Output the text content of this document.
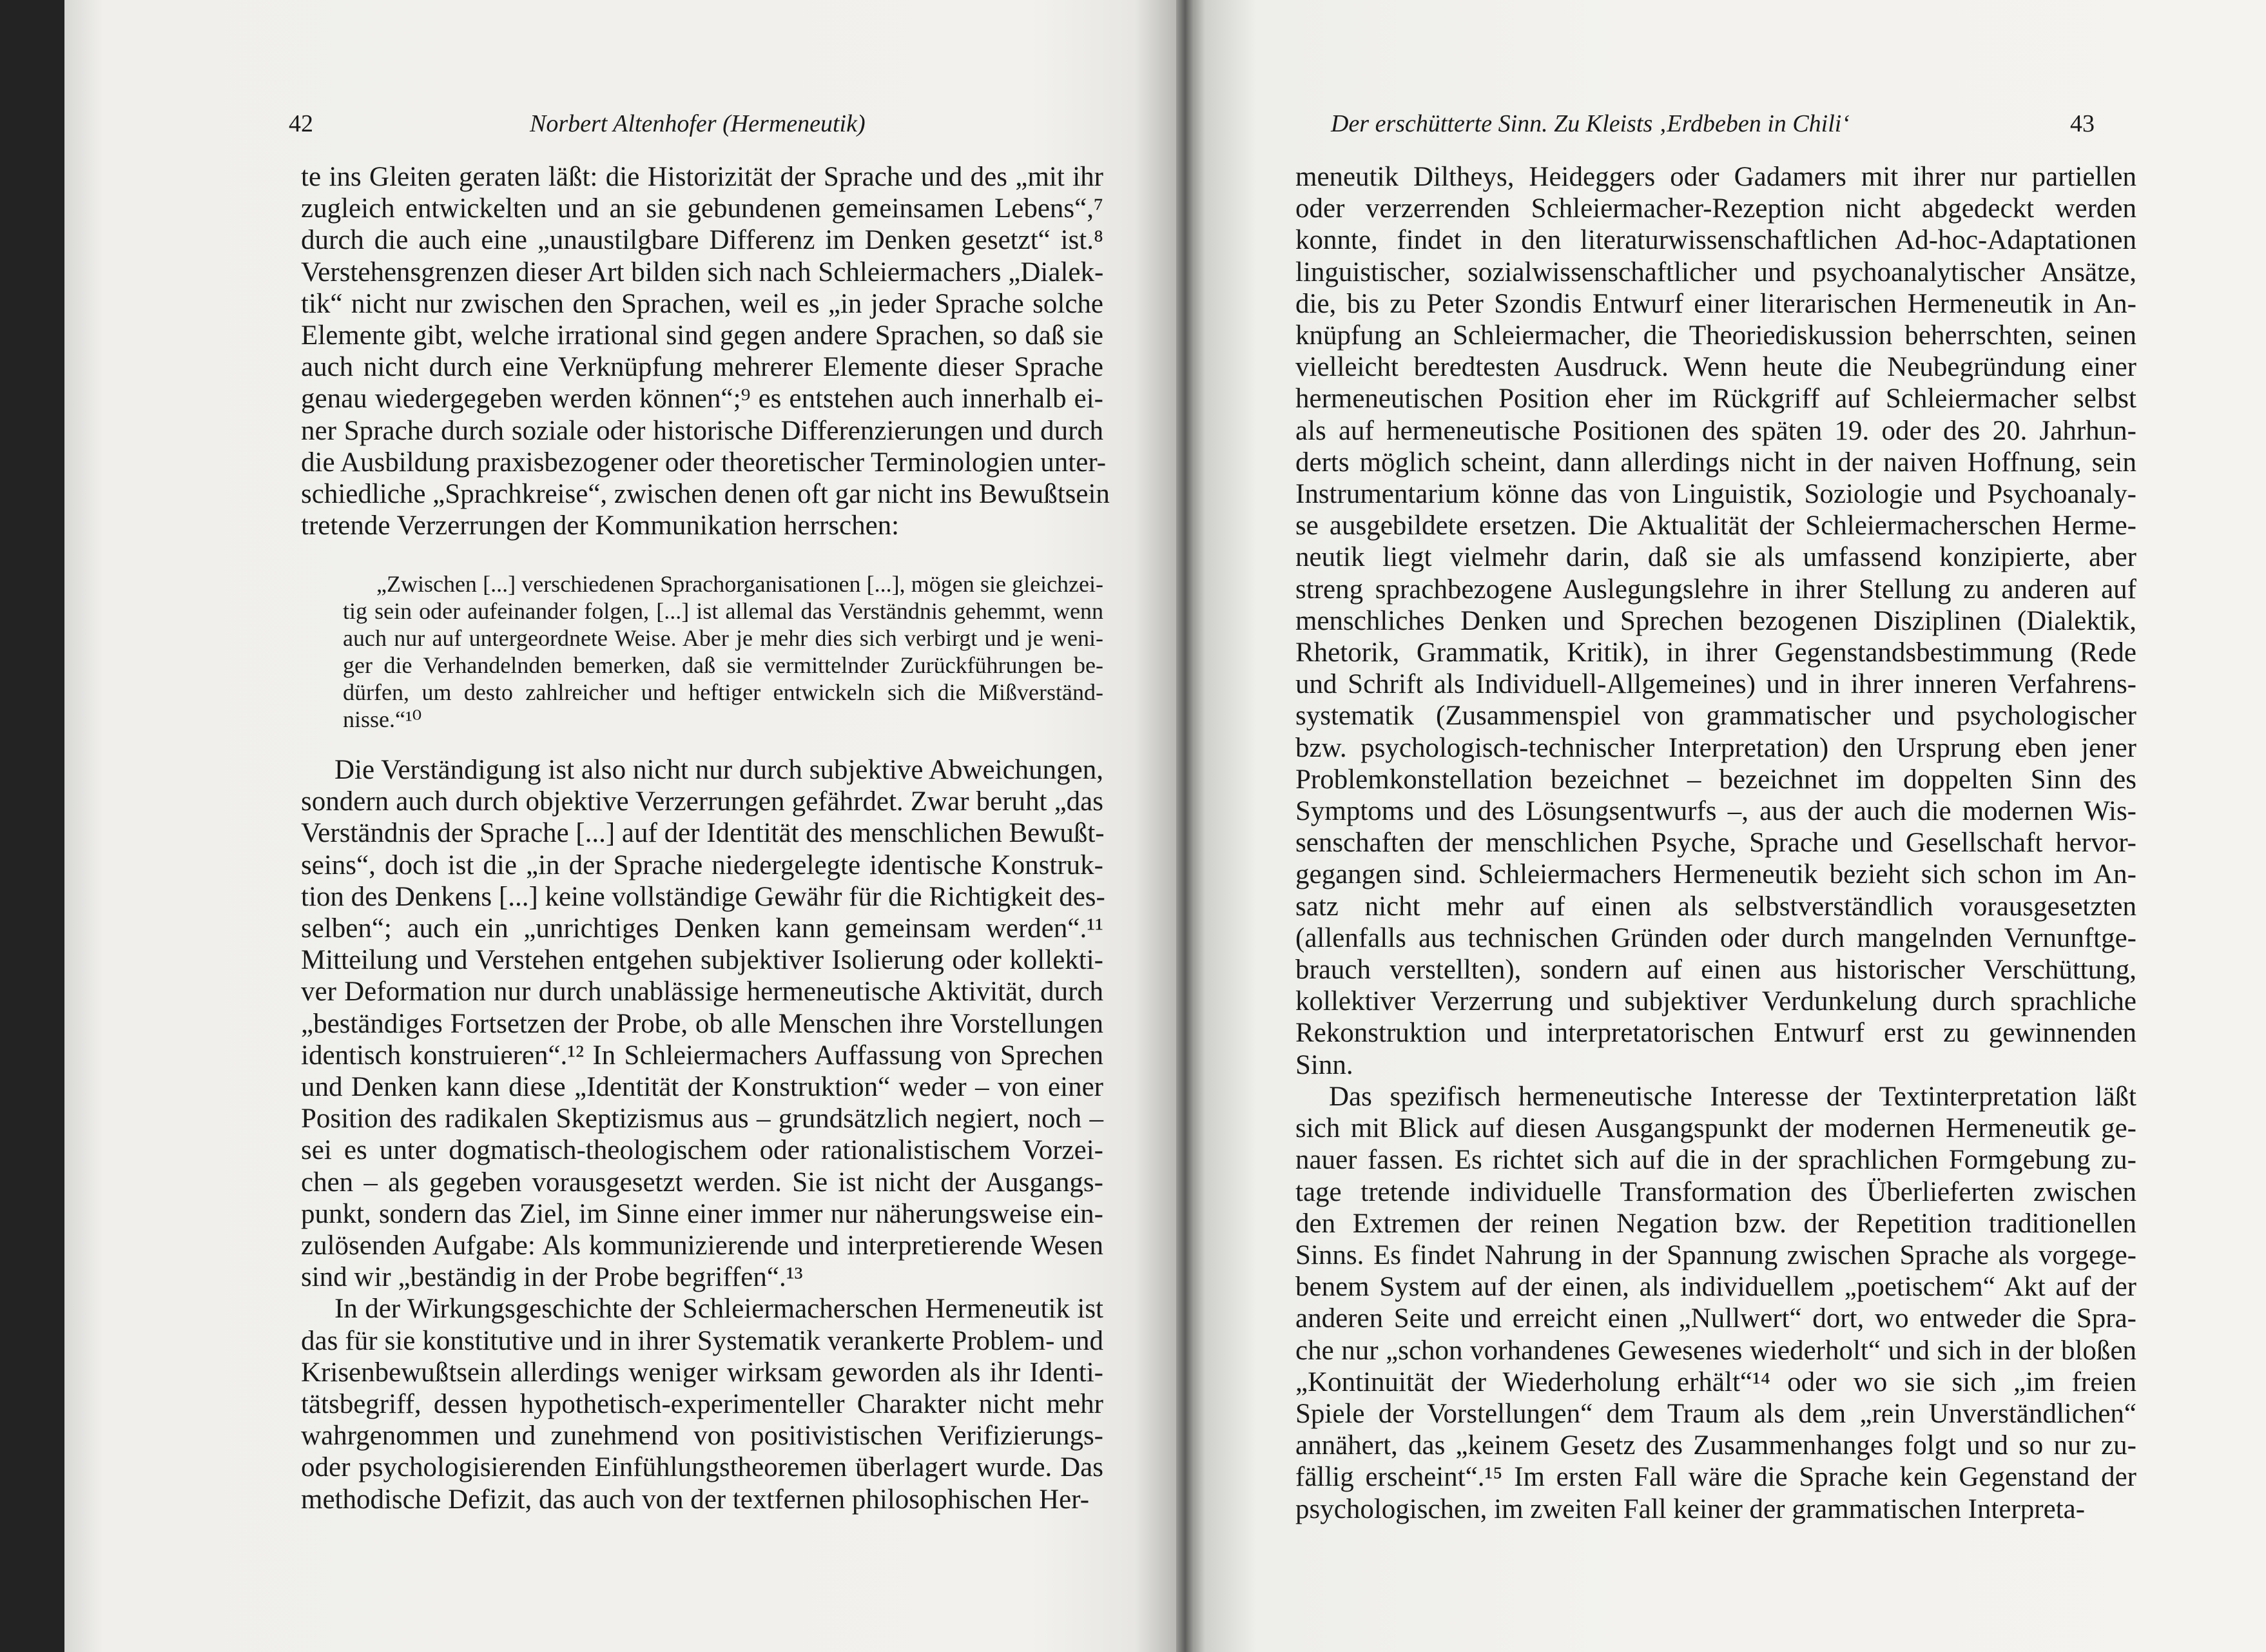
42	Norbert Altenhofer (Hermeneutik)
te ins Gleiten geraten läßt: die Historizität der Sprache und des „mit ihr
zugleich entwickelten und an sie gebundenen gemeinsamen Lebens“,⁷
durch die auch eine „unaustilgbare Differenz im Denken gesetzt“ ist.⁸
Verstehensgrenzen dieser Art bilden sich nach Schleiermachers „Dialek-
tik“ nicht nur zwischen den Sprachen, weil es „in jeder Sprache solche
Elemente gibt, welche irrational sind gegen andere Sprachen, so daß sie
auch nicht durch eine Verknüpfung mehrerer Elemente dieser Sprache
genau wiedergegeben werden können“;⁹ es entstehen auch innerhalb ei-
ner Sprache durch soziale oder historische Differenzierungen und durch
die Ausbildung praxisbezogener oder theoretischer Terminologien unter-
schiedliche „Sprachkreise“, zwischen denen oft gar nicht ins Bewußtsein
tretende Verzerrungen der Kommunikation herrschen:
„Zwischen [...] verschiedenen Sprachorganisationen [...], mögen sie gleichzei-
tig sein oder aufeinander folgen, [...] ist allemal das Verständnis gehemmt, wenn
auch nur auf untergeordnete Weise. Aber je mehr dies sich verbirgt und je weni-
ger die Verhandelnden bemerken, daß sie vermittelnder Zurückführungen be-
dürfen, um desto zahlreicher und heftiger entwickeln sich die Mißverständ-
nisse.“¹⁰
Die Verständigung ist also nicht nur durch subjektive Abweichungen,
sondern auch durch objektive Verzerrungen gefährdet. Zwar beruht „das
Verständnis der Sprache [...] auf der Identität des menschlichen Bewußt-
seins“, doch ist die „in der Sprache niedergelegte identische Konstruk-
tion des Denkens [...] keine vollständige Gewähr für die Richtigkeit des-
selben“; auch ein „unrichtiges Denken kann gemeinsam werden“.¹¹
Mitteilung und Verstehen entgehen subjektiver Isolierung oder kollekti-
ver Deformation nur durch unablässige hermeneutische Aktivität, durch
„beständiges Fortsetzen der Probe, ob alle Menschen ihre Vorstellungen
identisch konstruieren“.¹² In Schleiermachers Auffassung von Sprechen
und Denken kann diese „Identität der Konstruktion“ weder – von einer
Position des radikalen Skeptizismus aus – grundsätzlich negiert, noch –
sei es unter dogmatisch-theologischem oder rationalistischem Vorzei-
chen – als gegeben vorausgesetzt werden. Sie ist nicht der Ausgangs-
punkt, sondern das Ziel, im Sinne einer immer nur näherungsweise ein-
zulösenden Aufgabe: Als kommunizierende und interpretierende Wesen
sind wir „beständig in der Probe begriffen“.¹³
In der Wirkungsgeschichte der Schleiermacherschen Hermeneutik ist
das für sie konstitutive und in ihrer Systematik verankerte Problem- und
Krisenbewußtsein allerdings weniger wirksam geworden als ihr Identi-
tätsbegriff, dessen hypothetisch-experimenteller Charakter nicht mehr
wahrgenommen und zunehmend von positivistischen Verifizierungs-
oder psychologisierenden Einfühlungstheoremen überlagert wurde. Das
methodische Defizit, das auch von der textfernen philosophischen Her-
Der erschütterte Sinn. Zu Kleists ‚Erdbeben in Chili‘	43
meneutik Diltheys, Heideggers oder Gadamers mit ihrer nur partiellen
oder verzerrenden Schleiermacher-Rezeption nicht abgedeckt werden
konnte, findet in den literaturwissenschaftlichen Ad-hoc-Adaptationen
linguistischer, sozialwissenschaftlicher und psychoanalytischer Ansätze,
die, bis zu Peter Szondis Entwurf einer literarischen Hermeneutik in An-
knüpfung an Schleiermacher, die Theoriediskussion beherrschten, seinen
vielleicht beredtesten Ausdruck. Wenn heute die Neubegründung einer
hermeneutischen Position eher im Rückgriff auf Schleiermacher selbst
als auf hermeneutische Positionen des späten 19. oder des 20. Jahrhun-
derts möglich scheint, dann allerdings nicht in der naiven Hoffnung, sein
Instrumentarium könne das von Linguistik, Soziologie und Psychoanaly-
se ausgebildete ersetzen. Die Aktualität der Schleiermacherschen Herme-
neutik liegt vielmehr darin, daß sie als umfassend konzipierte, aber
streng sprachbezogene Auslegungslehre in ihrer Stellung zu anderen auf
menschliches Denken und Sprechen bezogenen Disziplinen (Dialektik,
Rhetorik, Grammatik, Kritik), in ihrer Gegenstandsbestimmung (Rede
und Schrift als Individuell-Allgemeines) und in ihrer inneren Verfahrens-
systematik (Zusammenspiel von grammatischer und psychologischer
bzw. psychologisch-technischer Interpretation) den Ursprung eben jener
Problemkonstellation bezeichnet – bezeichnet im doppelten Sinn des
Symptoms und des Lösungsentwurfs –, aus der auch die modernen Wis-
senschaften der menschlichen Psyche, Sprache und Gesellschaft hervor-
gegangen sind. Schleiermachers Hermeneutik bezieht sich schon im An-
satz nicht mehr auf einen als selbstverständlich vorausgesetzten
(allenfalls aus technischen Gründen oder durch mangelnden Vernunftge-
brauch verstellten), sondern auf einen aus historischer Verschüttung,
kollektiver Verzerrung und subjektiver Verdunkelung durch sprachliche
Rekonstruktion und interpretatorischen Entwurf erst zu gewinnenden
Sinn.
Das spezifisch hermeneutische Interesse der Textinterpretation läßt
sich mit Blick auf diesen Ausgangspunkt der modernen Hermeneutik ge-
nauer fassen. Es richtet sich auf die in der sprachlichen Formgebung zu-
tage tretende individuelle Transformation des Überlieferten zwischen
den Extremen der reinen Negation bzw. der Repetition traditionellen
Sinns. Es findet Nahrung in der Spannung zwischen Sprache als vorgege-
benem System auf der einen, als individuellem „poetischem“ Akt auf der
anderen Seite und erreicht einen „Nullwert“ dort, wo entweder die Spra-
che nur „schon vorhandenes Gewesenes wiederholt“ und sich in der bloßen
„Kontinuität der Wiederholung erhält“¹⁴ oder wo sie sich „im freien
Spiele der Vorstellungen“ dem Traum als dem „rein Unverständlichen“
annähert, das „keinem Gesetz des Zusammenhanges folgt und so nur zu-
fällig erscheint“.¹⁵ Im ersten Fall wäre die Sprache kein Gegenstand der
psychologischen, im zweiten Fall keiner der grammatischen Interpreta-
